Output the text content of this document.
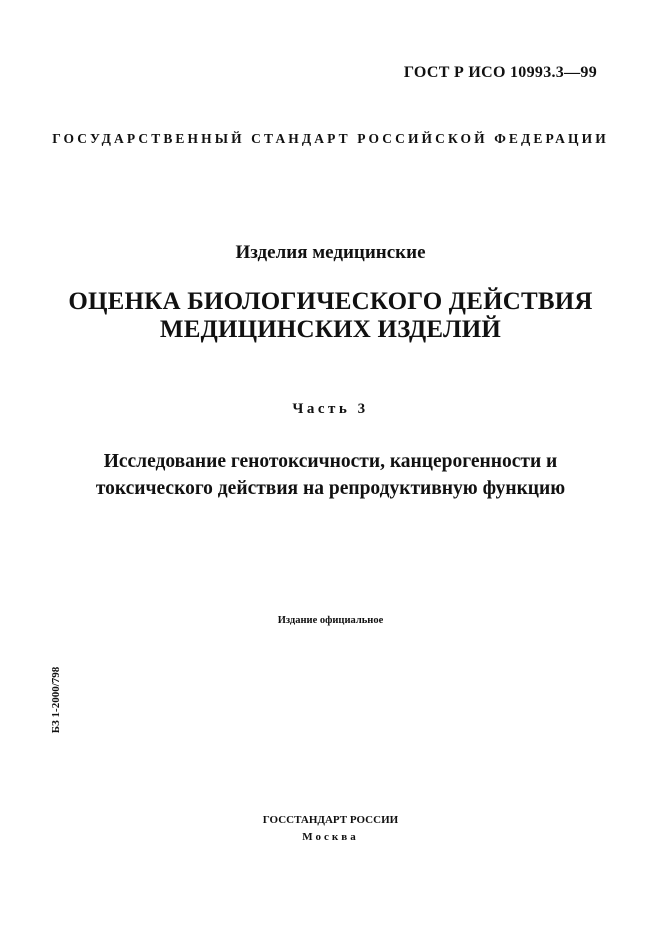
ГОСТ Р ИСО 10993.3—99
ГОСУДАРСТВЕННЫЙ СТАНДАРТ РОССИЙСКОЙ ФЕДЕРАЦИИ
Изделия медицинские
ОЦЕНКА БИОЛОГИЧЕСКОГО ДЕЙСТВИЯ
МЕДИЦИНСКИХ ИЗДЕЛИЙ
Часть 3
Исследование генотоксичности, канцерогенности и
токсического действия на репродуктивную функцию
Издание официальное
БЗ 1-2000/798
ГОССТАНДАРТ РОССИИ
Москва
